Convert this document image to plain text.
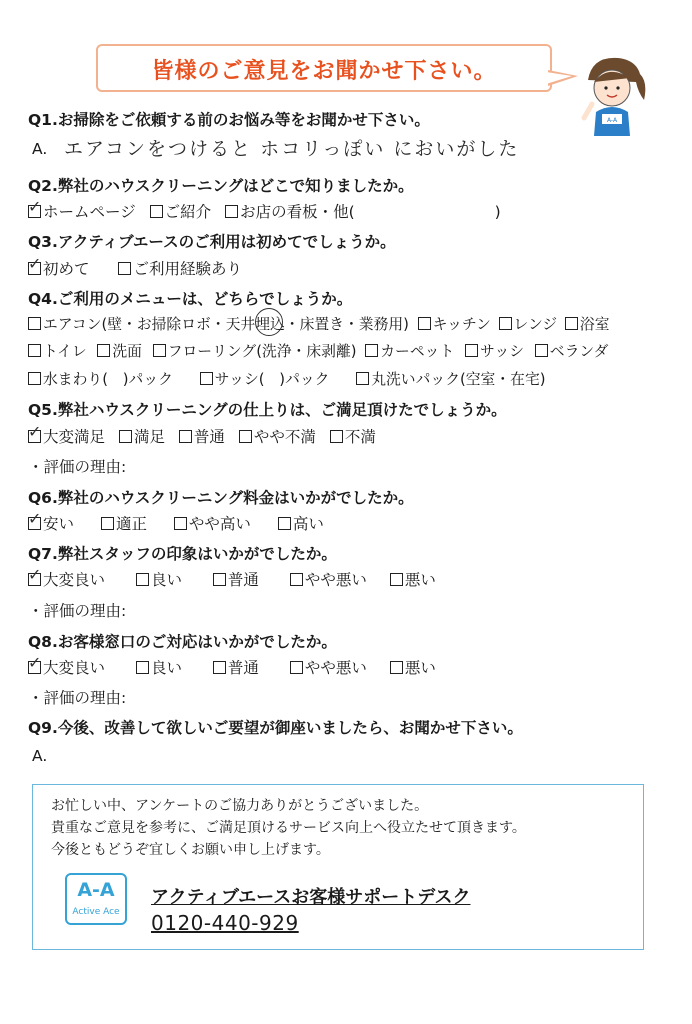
皆様のご意見をお聞かせ下さい。
A-A
Q1.お掃除をご依頼する前のお悩み等をお聞かせ下さい。
A. エアコンをつけると ホコリっぽい においがした
Q2.弊社のハウスクリーニングはどこで知りましたか。
✓ ホームページ ご紹介 お店の看板・他(	)
Q3.アクティブエースのご利用は初めてでしょうか。
✓ 初めて	ご利用経験あり
Q4.ご利用のメニューは、どちらでしょうか。
エアコン(壁・お掃除ロボ・天井埋込・床置き・業務用) キッチン レンジ 浴室
トイレ 洗面 フローリング(洗浄・床剥離) カーペット サッシ ベランダ
水まわり(　)パック	サッシ(　)パック	丸洗いパック(空室・在宅)
Q5.弊社ハウスクリーニングの仕上りは、ご満足頂けたでしょうか。
✓ 大変満足 満足 普通 やや不満 不満
・評価の理由:
Q6.弊社のハウスクリーニング料金はいかがでしたか。
✓ 安い	適正	やや高い	高い
Q7.弊社スタッフの印象はいかがでしたか。
✓ 大変良い	良い	普通	やや悪い 悪い
・評価の理由:
Q8.お客様窓口のご対応はいかがでしたか。
✓ 大変良い	良い	普通	やや悪い 悪い
・評価の理由:
Q9.今後、改善して欲しいご要望が御座いましたら、お聞かせ下さい。
A.
お忙しい中、アンケートのご協力ありがとうございました。
貴重なご意見を参考に、ご満足頂けるサービス向上へ役立たせて頂きます。
今後ともどうぞ宜しくお願い申し上げます。
A-A
Active Ace
アクティブエースお客様サポートデスク
0120-440-929
